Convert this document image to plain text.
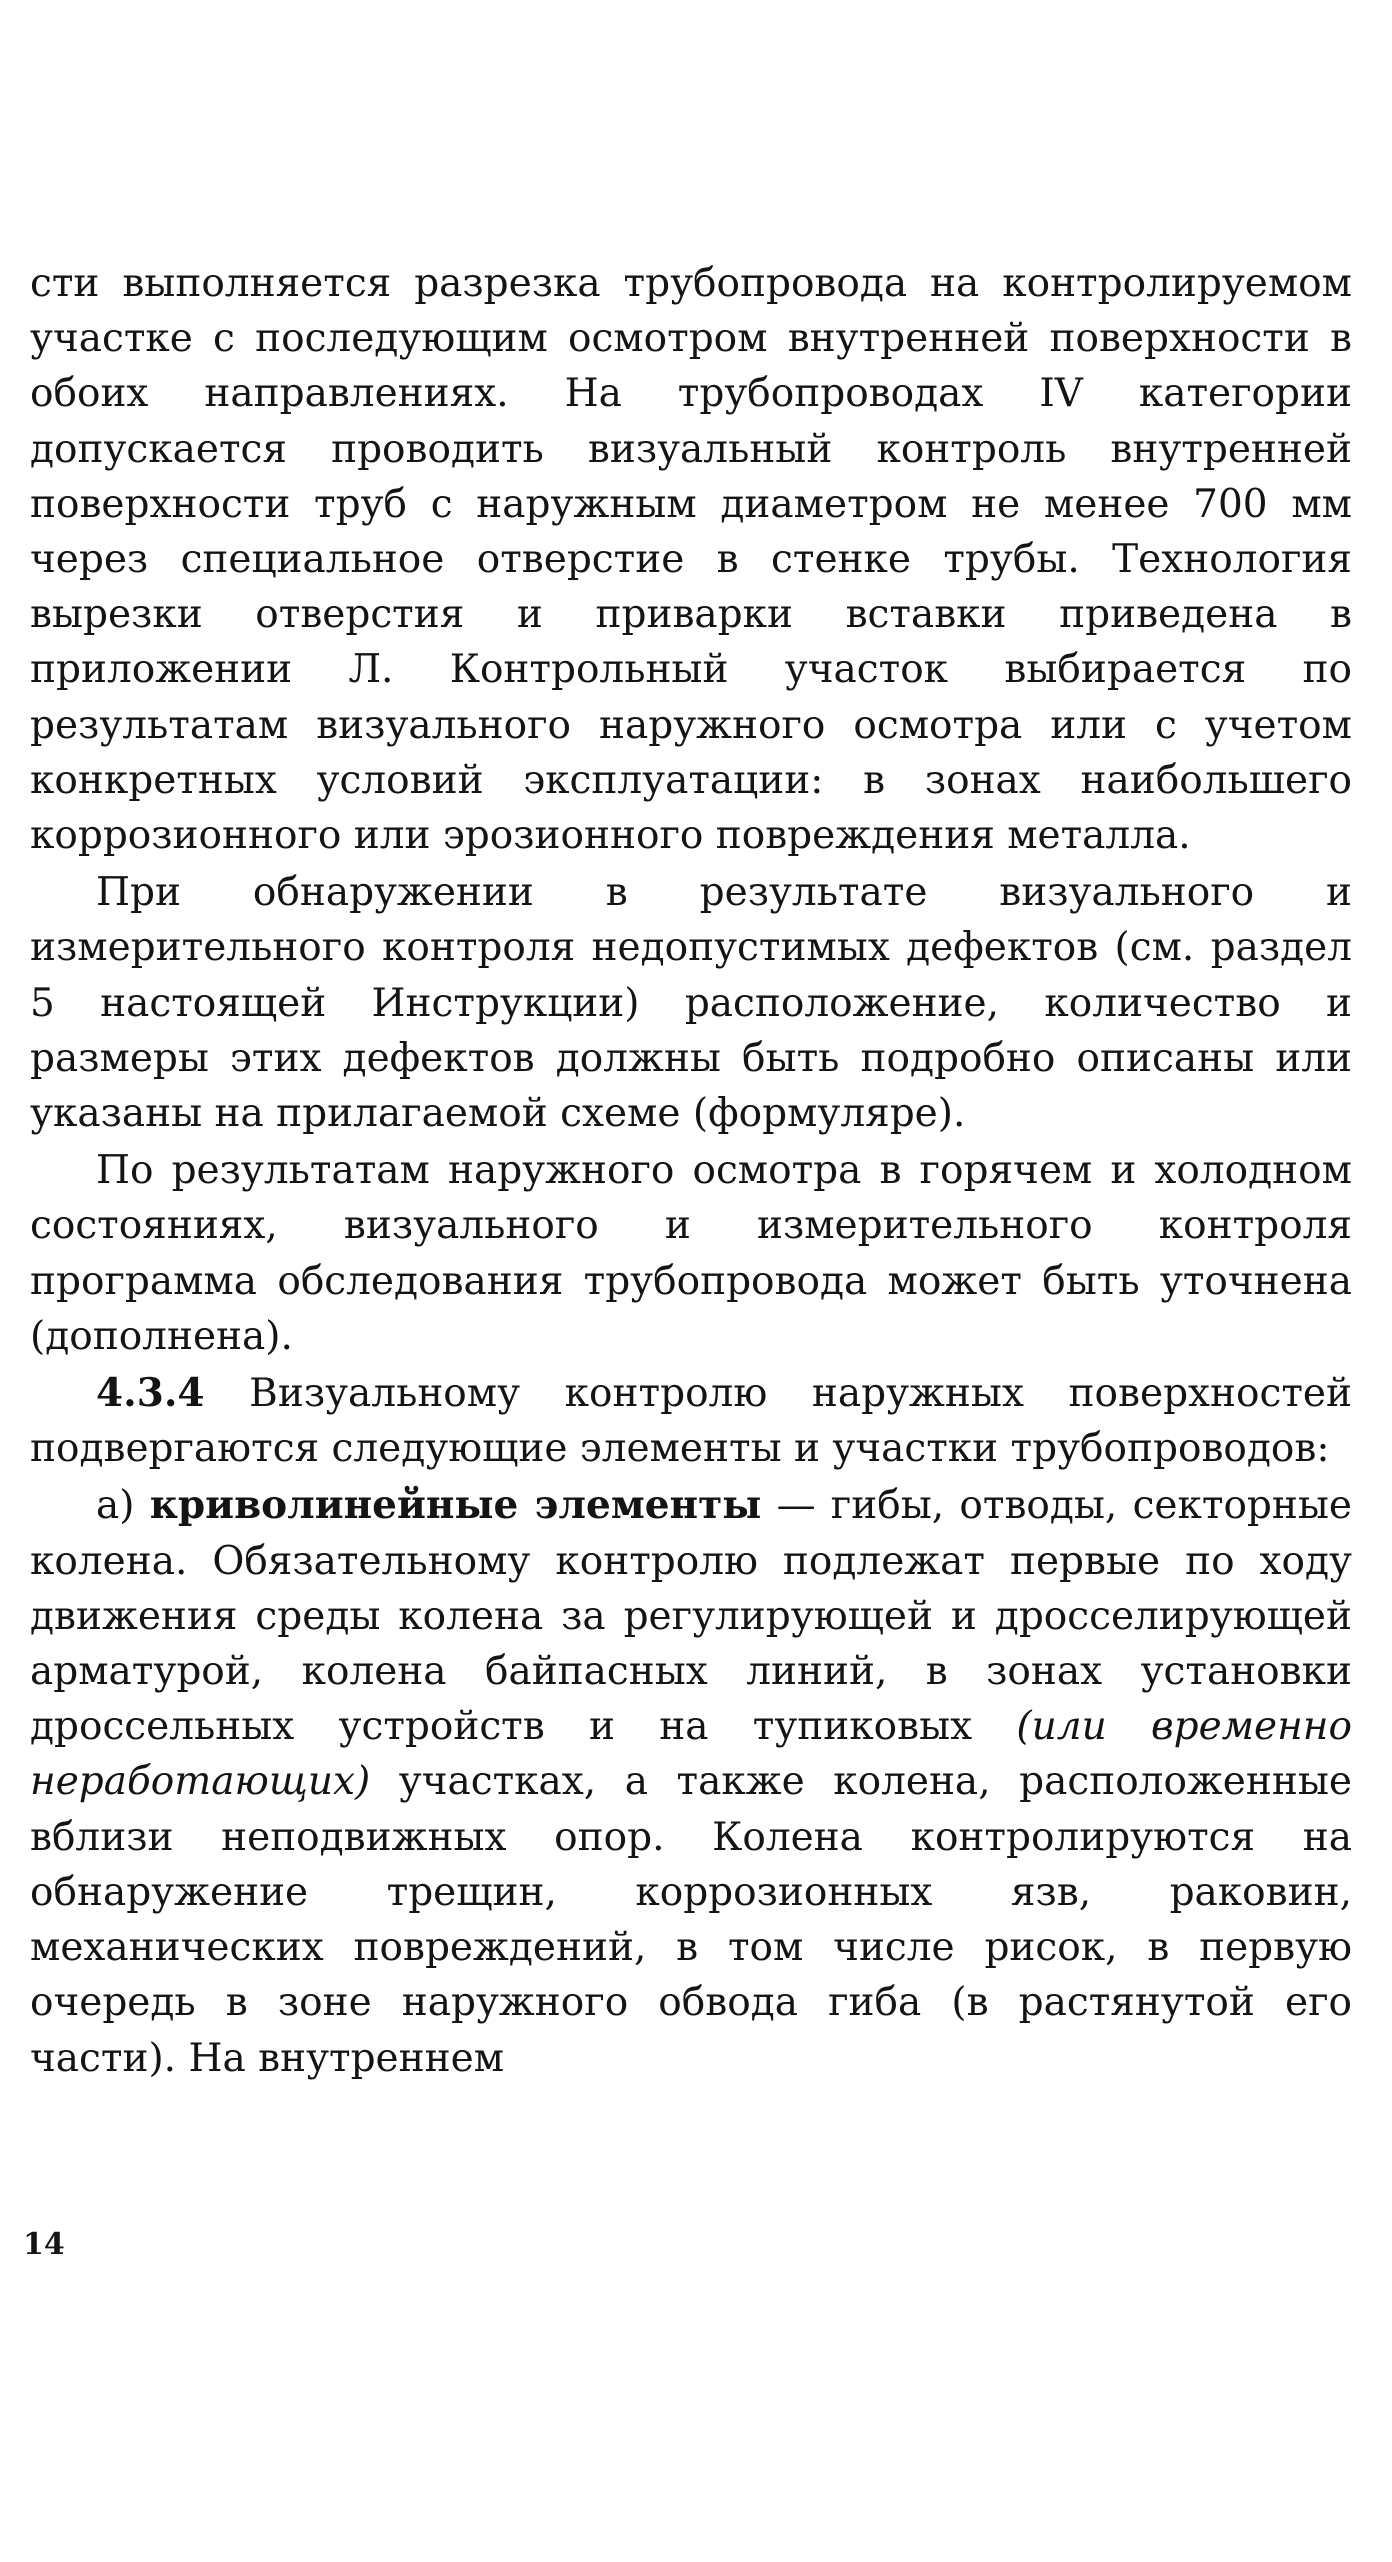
сти выполняется разрезка трубопровода на контролируемом участке с последующим осмотром внутренней поверхности в обоих направлениях. На трубопроводах IV категории допускается проводить визуальный контроль внутренней поверхности труб с наружным диаметром не менее 700 мм через специальное отверстие в стенке трубы. Технология вырезки отверстия и приварки вставки приведена в приложении Л. Контрольный участок выбирается по результатам визуального наружного осмотра или с учетом конкретных условий эксплуатации: в зонах наибольшего коррозионного или эрозионного повреждения металла.

При обнаружении в результате визуального и измерительного контроля недопустимых дефектов (см. раздел 5 настоящей Инструкции) расположение, количество и размеры этих дефектов должны быть подробно описаны или указаны на прилагаемой схеме (формуляре).

По результатам наружного осмотра в горячем и холодном состояниях, визуального и измерительного контроля программа обследования трубопровода может быть уточнена (дополнена).

4.3.4 Визуальному контролю наружных поверхностей подвергаются следующие элементы и участки трубопроводов:

а) криволинейные элементы — гибы, отводы, секторные колена. Обязательному контролю подлежат первые по ходу движения среды колена за регулирующей и дросселирующей арматурой, колена байпасных линий, в зонах установки дроссельных устройств и на тупиковых (или временно неработающих) участках, а также колена, расположенные вблизи неподвижных опор. Колена контролируются на обнаружение трещин, коррозионных язв, раковин, механических повреждений, в том числе рисок, в первую очередь в зоне наружного обвода гиба (в растянутой его части). На внутреннем

14
